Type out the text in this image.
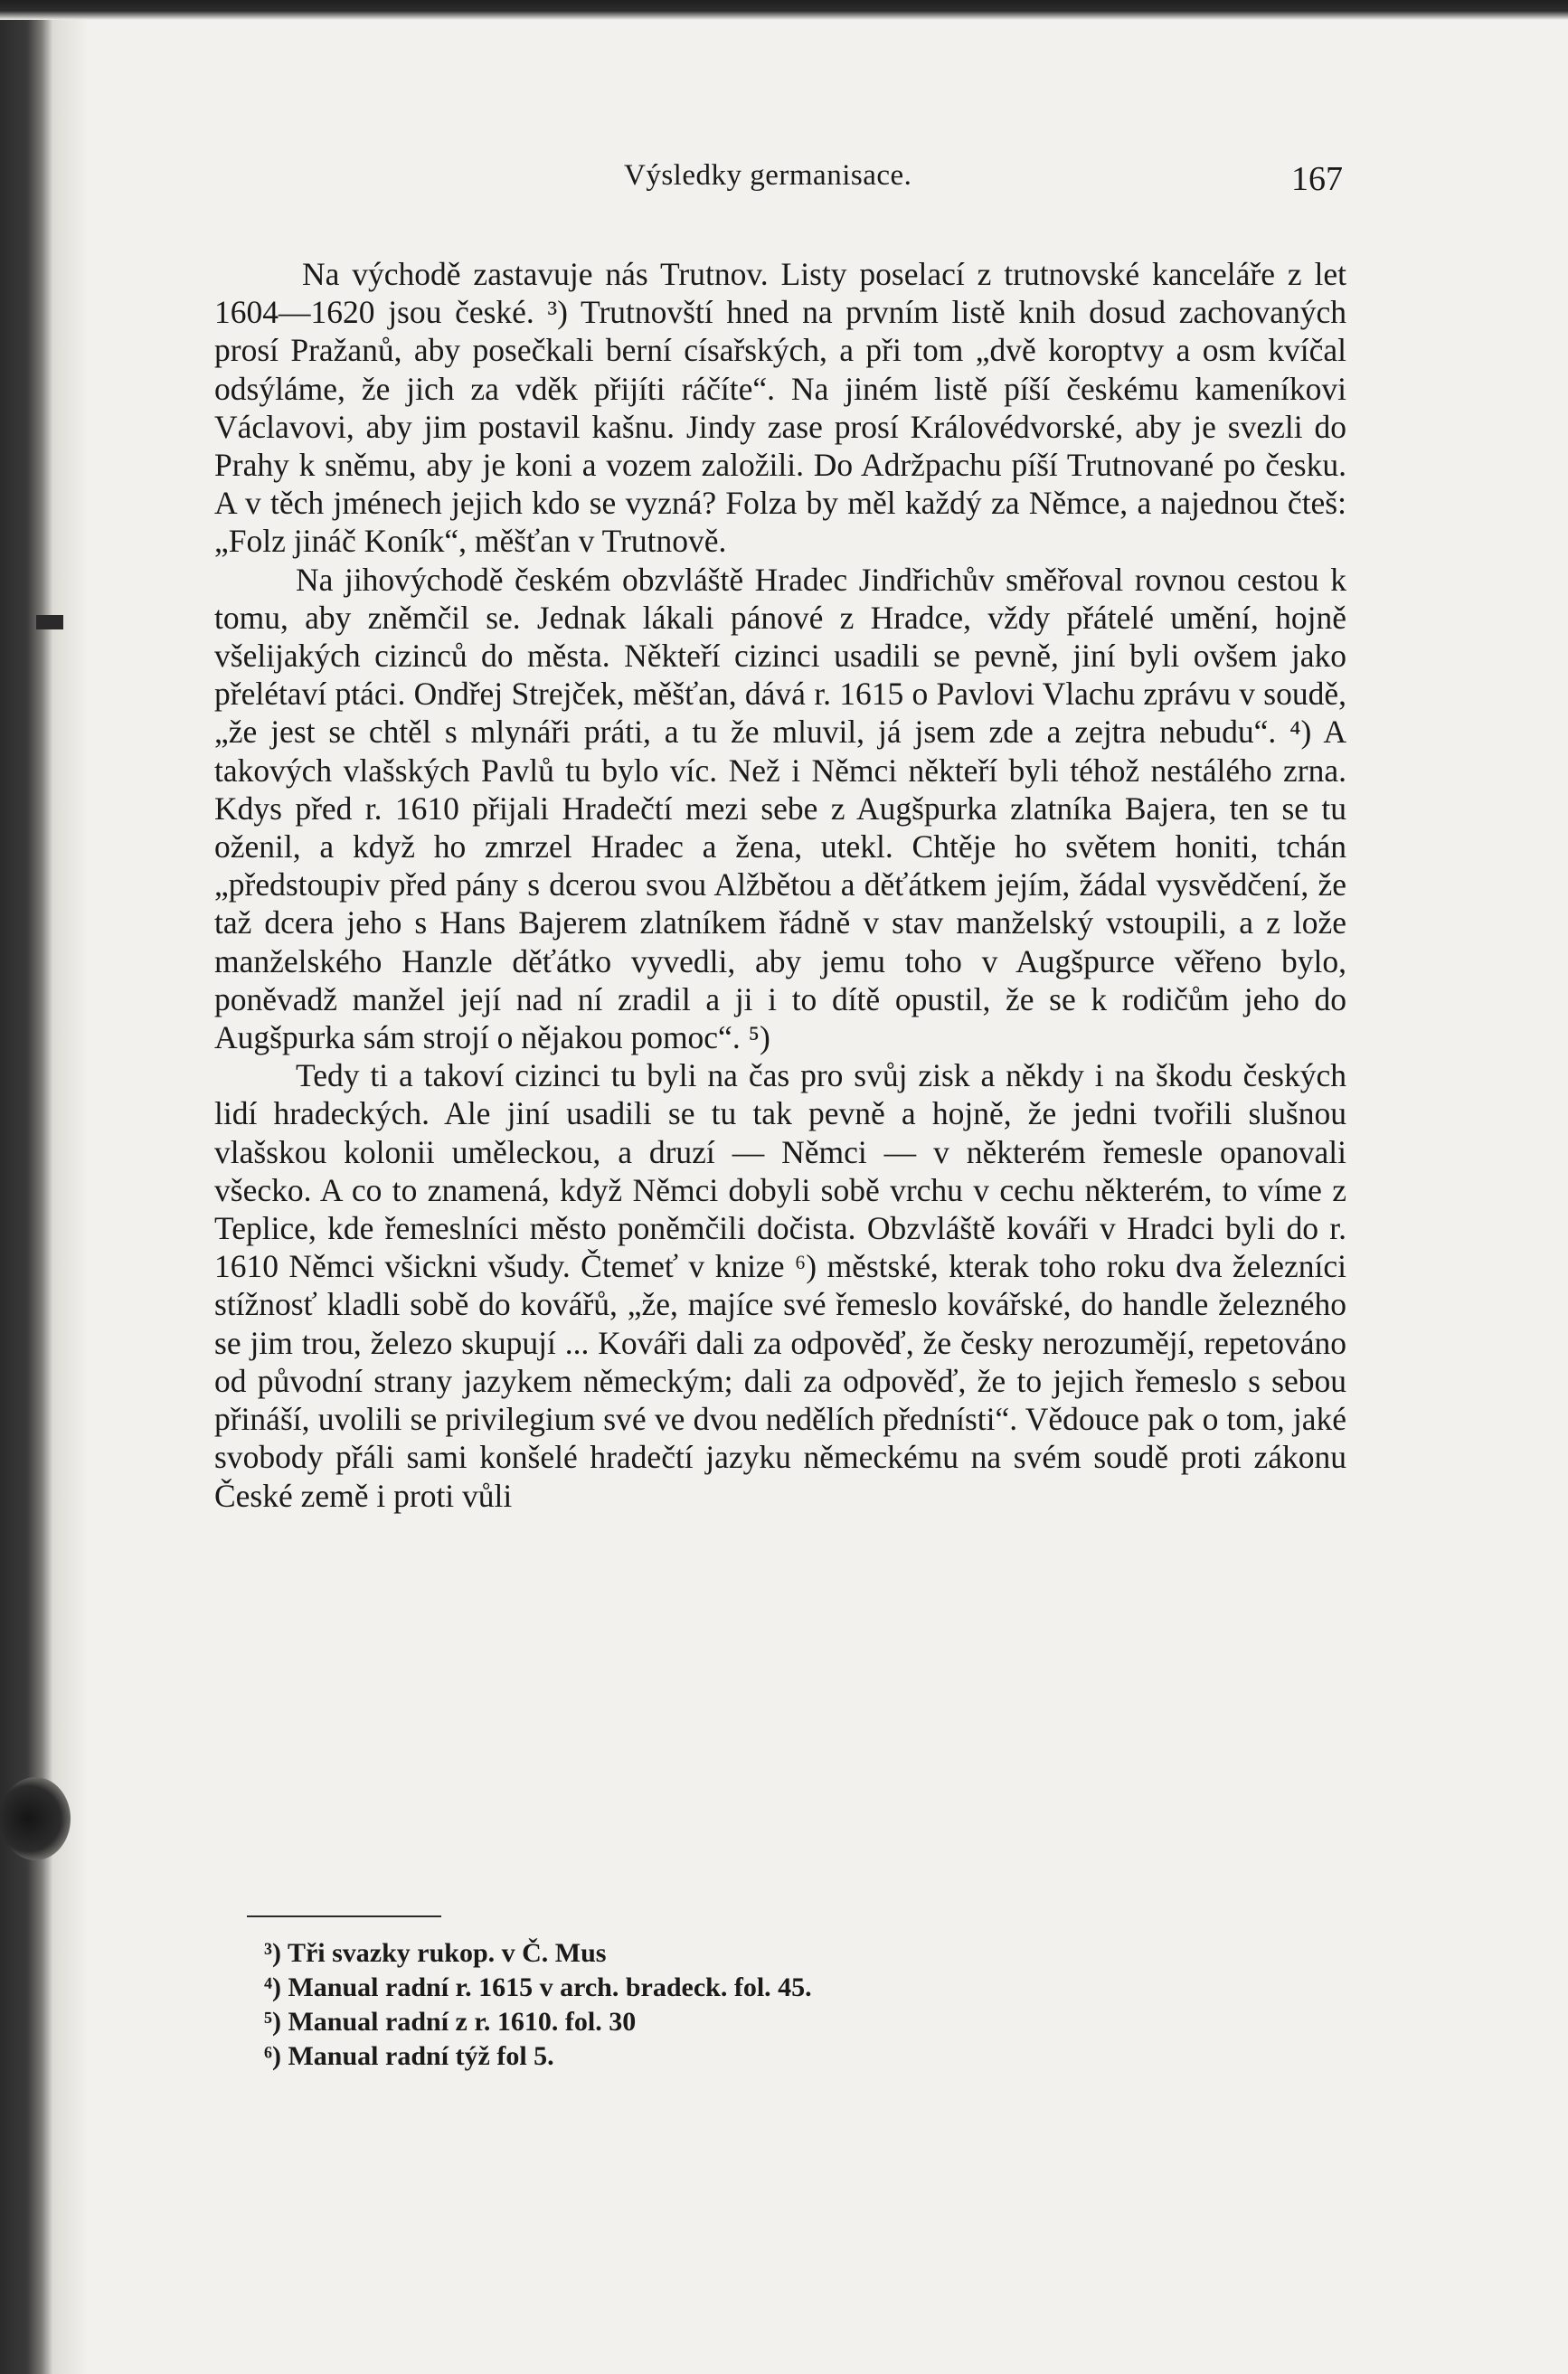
Výsledky germanisace.	167

Na východě zastavuje nás Trutnov. Listy poselací z trutnovské kanceláře z let 1604—1620 jsou české. ³) Trutnovští hned na prvním listě knih dosud zachovaných prosí Pražanů, aby posečkali berní císařských, a při tom „dvě koroptvy a osm kvíčal odsýláme, že jich za vděk přijíti ráčíte“. Na jiném listě píší českému kameníkovi Václavovi, aby jim postavil kašnu. Jindy zase prosí Královédvorské, aby je svezli do Prahy k sněmu, aby je koni a vozem založili. Do Adržpachu píší Trutnované po česku. A v těch jménech jejich kdo se vyzná? Folza by měl každý za Němce, a najednou čteš: „Folz jináč Koník“, měšťan v Trutnově.

Na jihovýchodě českém obzvláště Hradec Jindřichův směřoval rovnou cestou k tomu, aby zněmčil se. Jednak lákali pánové z Hradce, vždy přátelé umění, hojně všelijakých cizinců do města. Někteří cizinci usadili se pevně, jiní byli ovšem jako přelétaví ptáci. Ondřej Strejček, měšťan, dává r. 1615 o Pavlovi Vlachu zprávu v soudě, „že jest se chtěl s mlynáři práti, a tu že mluvil, já jsem zde a zejtra nebudu“. ⁴) A takových vlašských Pavlů tu bylo víc. Než i Němci někteří byli téhož nestálého zrna. Kdys před r. 1610 přijali Hradečtí mezi sebe z Augšpurka zlatníka Bajera, ten se tu oženil, a když ho zmrzel Hradec a žena, utekl. Chtěje ho světem honiti, tchán „předstoupiv před pány s dcerou svou Alžbětou a děťátkem jejím, žádal vysvědčení, že taž dcera jeho s Hans Bajerem zlatníkem řádně v stav manželský vstoupili, a z lože manželského Hanzle děťátko vyvedli, aby jemu toho v Augšpurce věřeno bylo, poněvadž manžel její nad ní zradil a ji i to dítě opustil, že se k rodičům jeho do Augšpurka sám strojí o nějakou pomoc“. ⁵)

Tedy ti a takoví cizinci tu byli na čas pro svůj zisk a někdy i na škodu českých lidí hradeckých. Ale jiní usadili se tu tak pevně a hojně, že jedni tvořili slušnou vlašskou kolonii uměleckou, a druzí — Němci — v některém řemesle opanovali všecko. A co to znamená, když Němci dobyli sobě vrchu v cechu některém, to víme z Teplice, kde řemeslníci město poněmčili dočista. Obzvláště kováři v Hradci byli do r. 1610 Němci všickni všudy. Čtemeť v knize ⁶) městské, kterak toho roku dva železníci stížnosť kladli sobě do kovářů, „že, majíce své řemeslo kovářské, do handle železného se jim trou, železo skupují ... Kováři dali za odpověď, že česky nerozumějí, repetováno od původní strany jazykem německým; dali za odpověď, že to jejich řemeslo s sebou přináší, uvolili se privilegium své ve dvou nedělích přednísti“. Vědouce pak o tom, jaké svobody přáli sami konšelé hradečtí jazyku německému na svém soudě proti zákonu České země i proti vůli

³) Tři svazky rukop. v Č. Mus
⁴) Manual radní r. 1615 v arch. bradeck. fol. 45.
⁵) Manual radní z r. 1610. fol. 30
⁶) Manual radní týž fol 5.
